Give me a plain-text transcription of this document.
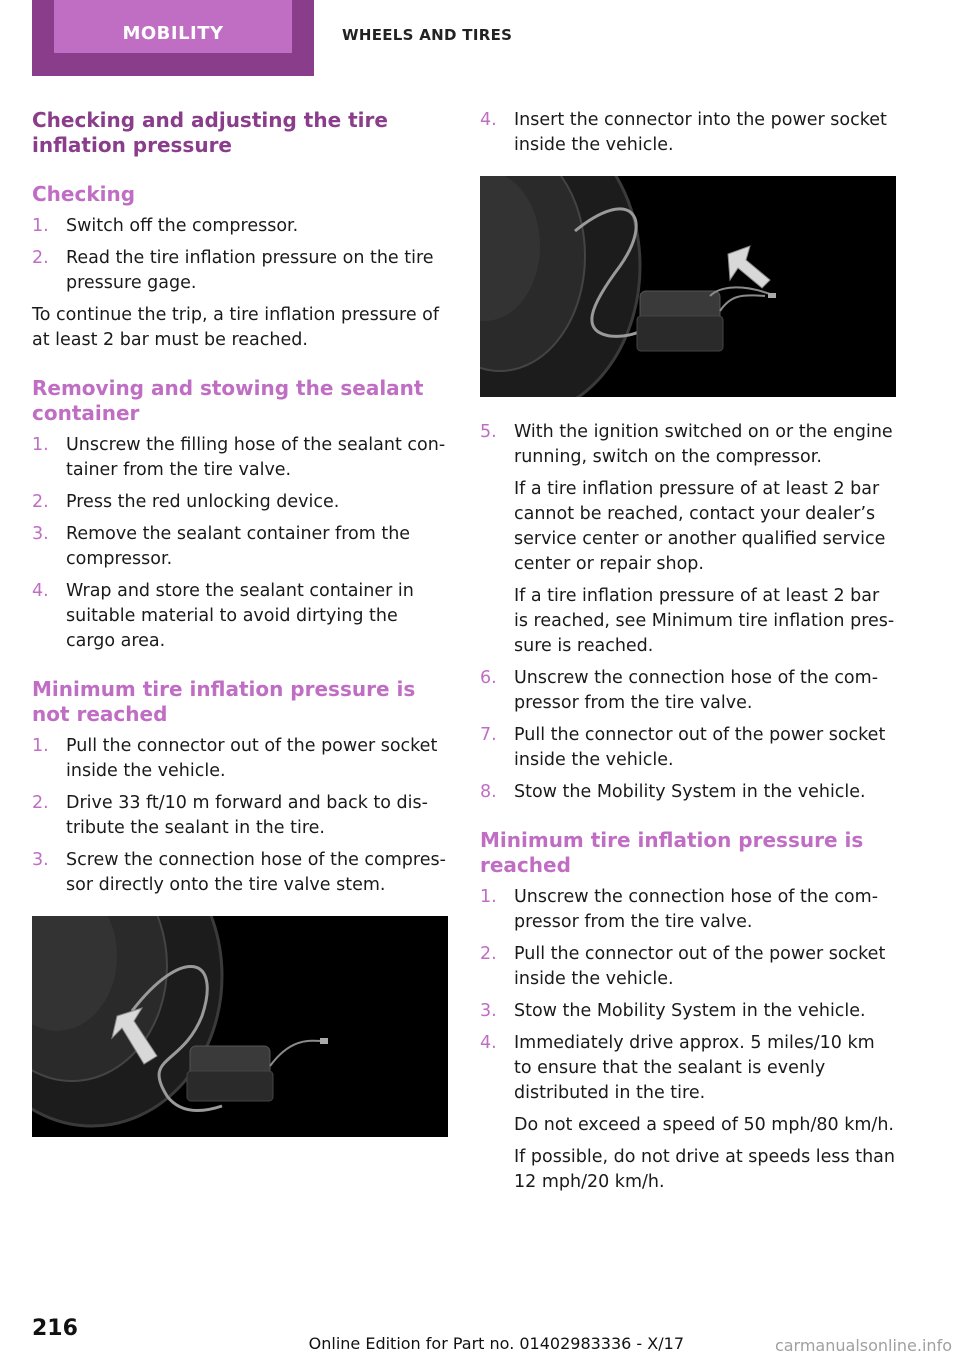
MOBILITY	WHEELS AND TIRES
Checking and adjusting the tire inflation pressure
Checking
1. Switch off the compressor.
2. Read the tire inflation pressure on the tire pressure gage.

To continue the trip, a tire inflation pressure of at least 2 bar must be reached.

Removing and stowing the sealant container
1. Unscrew the filling hose of the sealant con‐ tainer from the tire valve.
2. Press the red unlocking device.
3. Remove the sealant container from the compressor.
4. Wrap and store the sealant container in suitable material to avoid dirtying the cargo area.
Minimum tire inflation pressure is not reached
1. Pull the connector out of the power socket inside the vehicle.
2. Drive 33 ft/10 m forward and back to dis‐ tribute the sealant in the tire.
3. Screw the connection hose of the compres‐ sor directly onto the tire valve stem.
4. Insert the connector into the power socket inside the vehicle.
5. With the ignition switched on or the engine running, switch on the compressor.

If a tire inflation pressure of at least 2 bar cannot be reached, contact your dealer’s service center or another qualified service center or repair shop.

If a tire inflation pressure of at least 2 bar is reached, see Minimum tire inflation pres‐ sure is reached.

6. Unscrew the connection hose of the com‐ pressor from the tire valve.
7. Pull the connector out of the power socket inside the vehicle.
8. Stow the Mobility System in the vehicle.
Minimum tire inflation pressure is reached
1. Unscrew the connection hose of the com‐ pressor from the tire valve.
2. Pull the connector out of the power socket inside the vehicle.
3. Stow the Mobility System in the vehicle.
4. Immediately drive approx. 5 miles/10 km to ensure that the sealant is evenly distributed in the tire.

Do not exceed a speed of 50 mph/80 km/h.

If possible, do not drive at speeds less than 12 mph/20 km/h.

216
Online Edition for Part no. 01402983336 - X/17	carmanualsonline.info
